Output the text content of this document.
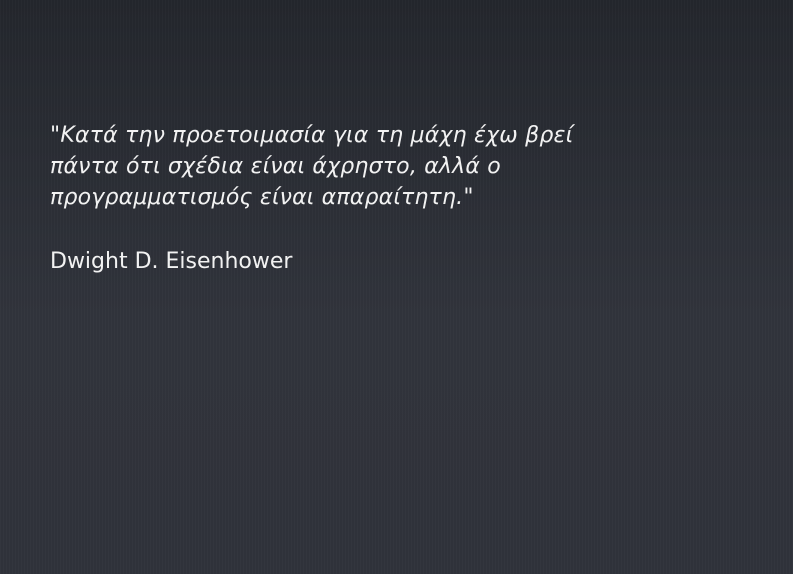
"Κατά την προετοιμασία για τη μάχη έχω βρεί
πάντα ότι σχέδια είναι άχρηστο, αλλά ο
προγραμματισμός είναι απαραίτητη."

Dwight D. Eisenhower
